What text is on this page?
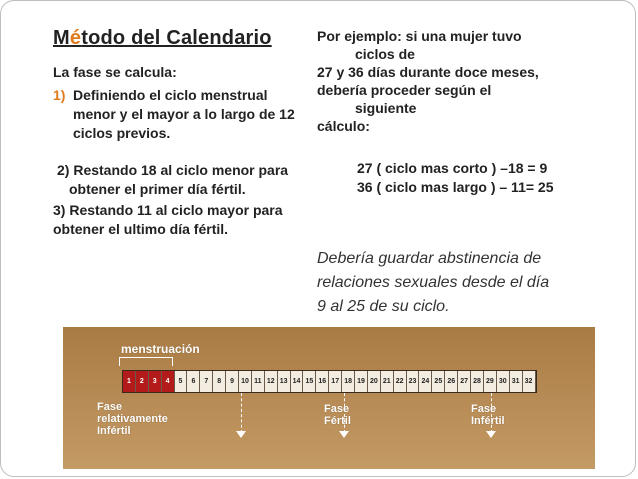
Método del Calendario

La fase se calcula:

1) Definiendo el ciclo menstrual menor y el mayor a lo largo de 12 ciclos previos.

2) Restando 18 al ciclo menor para

obtener el primer día fértil.

3) Restando 11 al ciclo mayor para obtener el ultimo día fértil.

Por ejemplo: si una mujer tuvo
ciclos de
27 y 36 días durante doce meses,
debería proceder según el
siguiente
cálculo:
27 ( ciclo mas corto ) –18 = 9
36 ( ciclo mas largo ) – 11= 25
Debería guardar abstinencia de
relaciones sexuales desde el día
9 al 25 de su ciclo.
menstruación
1	2	3	4	5	6	7	8	9	10 11 12 13 14 15 16 17 18 19 20 21 22 23 24 25 26 27 28 29 30 31 32
Fase
relativamente
Infértil
Fase
Fértil
Fase
Infértil
